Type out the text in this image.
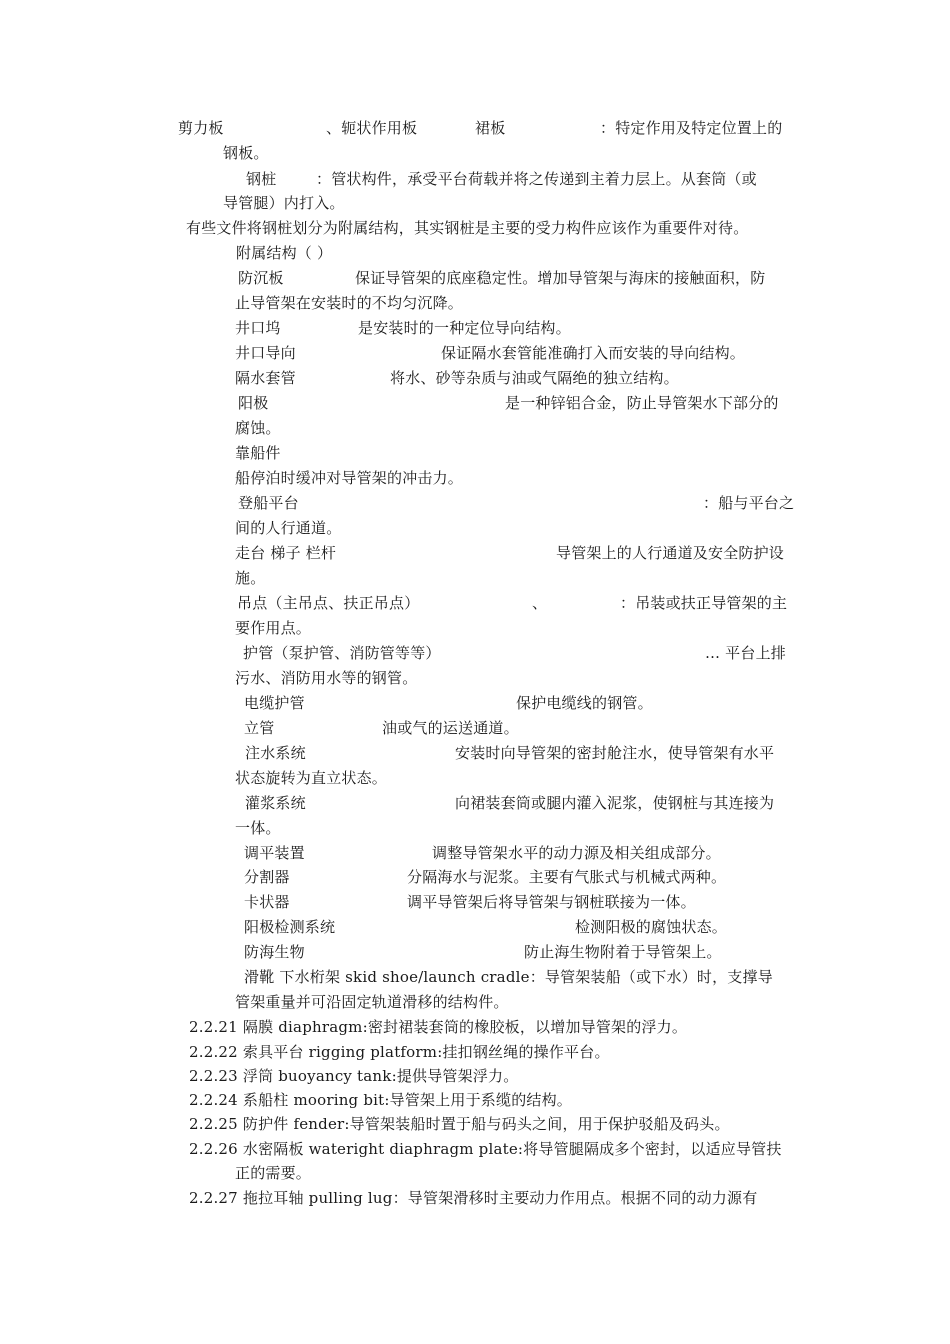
剪力板	、轭状作用板	裙板	：特定作用及特定位置上的
钢板。
钢桩	：管状构件，承受平台荷载并将之传递到主着力层上。从套筒（或
导管腿）内打入。
有些文件将钢桩划分为附属结构，其实钢桩是主要的受力构件应该作为重要件对待。
附属结构（ ）
防沉板	保证导管架的底座稳定性。增加导管架与海床的接触面积，防
止导管架在安装时的不均匀沉降。
井口坞	是安装时的一种定位导向结构。
井口导向	保证隔水套管能准确打入而安装的导向结构。
隔水套管	将水、砂等杂质与油或气隔绝的独立结构。
阳极	是一种锌铝合金，防止导管架水下部分的
腐蚀。
靠船件
船停泊时缓冲对导管架的冲击力。
登船平台	：船与平台之
间的人行通道。
走台 梯子 栏杆	导管架上的人行通道及安全防护设
施。
吊点（主吊点、扶正吊点）	、	：吊装或扶正导管架的主
要作用点。
护管（泵护管、消防管等等）	… 平台上排
污水、消防用水等的钢管。
电缆护管	保护电缆线的钢管。
立管	油或气的运送通道。
注水系统	安装时向导管架的密封舱注水，使导管架有水平
状态旋转为直立状态。
灌浆系统	向裙装套筒或腿内灌入泥浆，使钢桩与其连接为
一体。
调平装置	调整导管架水平的动力源及相关组成部分。
分割器	分隔海水与泥浆。主要有气胀式与机械式两种。
卡状器	调平导管架后将导管架与钢桩联接为一体。
阳极检测系统	检测阳极的腐蚀状态。
防海生物	防止海生物附着于导管架上。
滑靴 下水桁架 skid shoe/launch cradle：导管架装船（或下水）时，支撑导
管架重量并可沿固定轨道滑移的结构件。
2.2.21 隔膜 diaphragm:密封裙装套筒的橡胶板，以增加导管架的浮力。
2.2.22 索具平台 rigging platform:挂扣钢丝绳的操作平台。
2.2.23 浮筒 buoyancy tank:提供导管架浮力。
2.2.24 系船柱 mooring bit:导管架上用于系缆的结构。
2.2.25 防护件 fender:导管架装船时置于船与码头之间，用于保护驳船及码头。
2.2.26 水密隔板 wateright diaphragm plate:将导管腿隔成多个密封，以适应导管扶
正的需要。
2.2.27 拖拉耳轴 pulling lug：导管架滑移时主要动力作用点。根据不同的动力源有
